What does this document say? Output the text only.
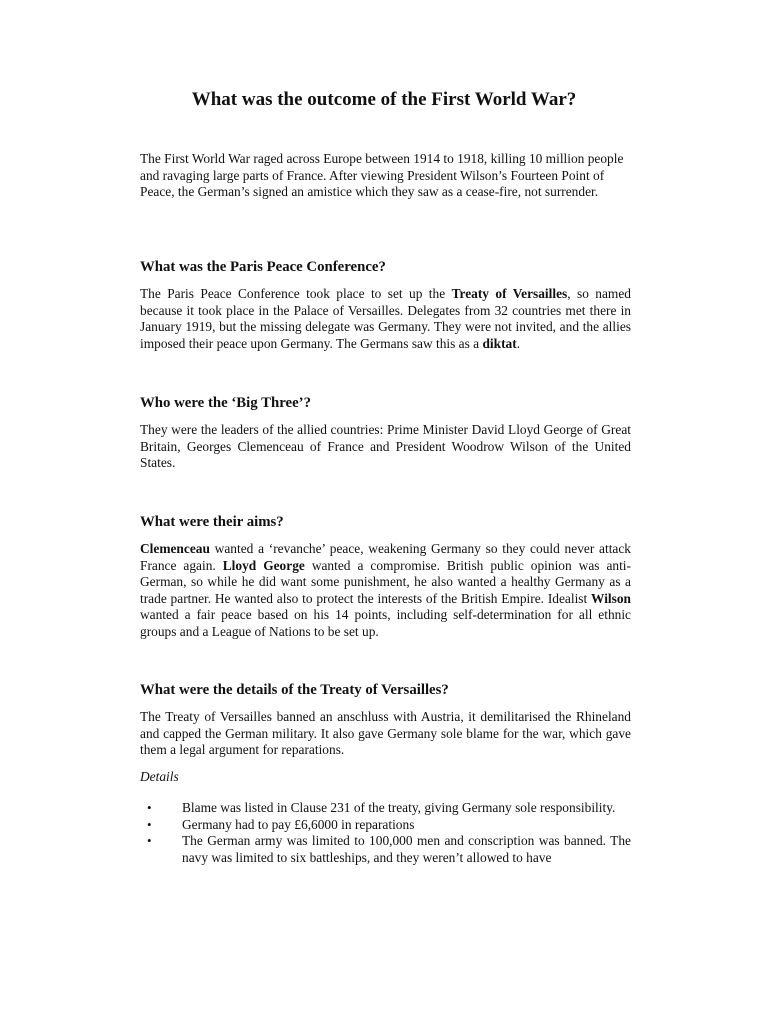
What was the outcome of the First World War?

The First World War raged across Europe between 1914 to 1918, killing 10 million people and ravaging large parts of France. After viewing President Wilson’s Fourteen Point of Peace, the German’s signed an amistice which they saw as a cease-fire, not surrender.

What was the Paris Peace Conference?

The Paris Peace Conference took place to set up the Treaty of Versailles, so named because it took place in the Palace of Versailles. Delegates from 32 countries met there in January 1919, but the missing delegate was Germany. They were not invited, and the allies imposed their peace upon Germany. The Germans saw this as a diktat.

Who were the ‘Big Three’?

They were the leaders of the allied countries: Prime Minister David Lloyd George of Great Britain, Georges Clemenceau of France and President Woodrow Wilson of the United States.

What were their aims?

Clemenceau wanted a ‘revanche’ peace, weakening Germany so they could never attack France again. Lloyd George wanted a compromise. British public opinion was anti-German, so while he did want some punishment, he also wanted a healthy Germany as a trade partner. He wanted also to protect the interests of the British Empire. Idealist Wilson wanted a fair peace based on his 14 points, including self-determination for all ethnic groups and a League of Nations to be set up.

What were the details of the Treaty of Versailles?

The Treaty of Versailles banned an anschluss with Austria, it demilitarised the Rhineland and capped the German military. It also gave Germany sole blame for the war, which gave them a legal argument for reparations.

Details

• Blame was listed in Clause 231 of the treaty, giving Germany sole responsibility.
• Germany had to pay £6,6000 in reparations
• The German army was limited to 100,000 men and conscription was banned. The navy was limited to six battleships, and they weren’t allowed to have
